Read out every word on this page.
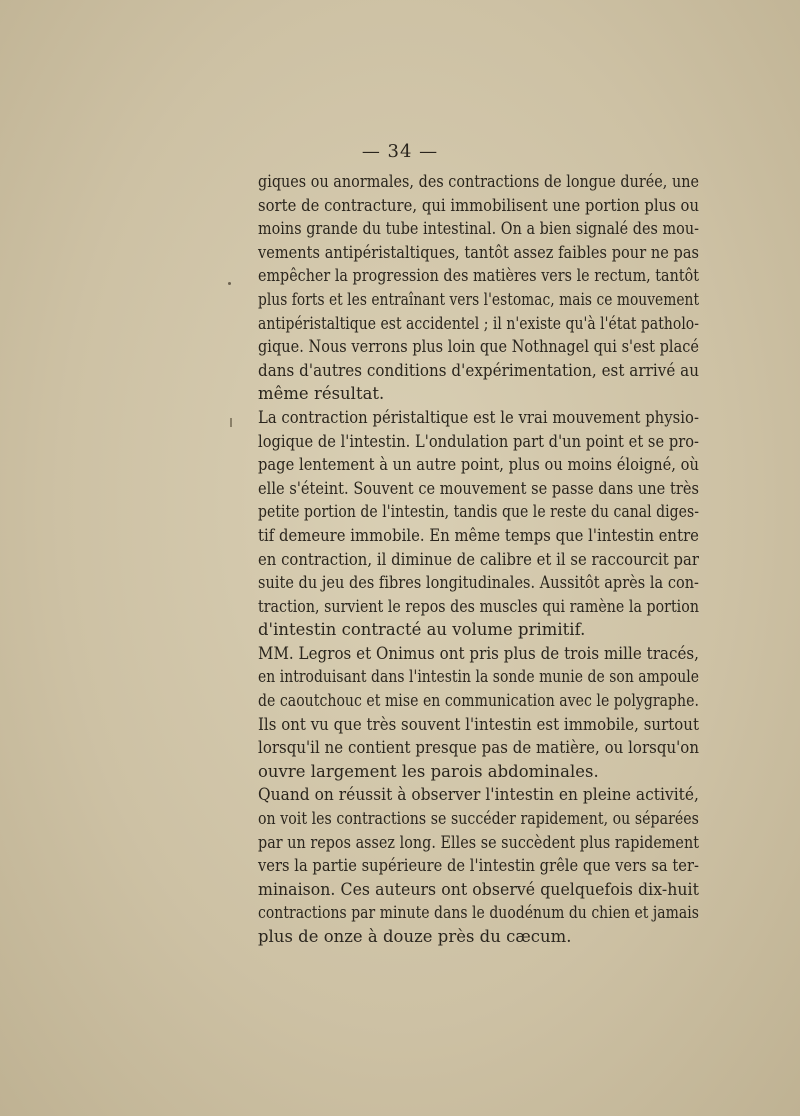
— 34 —
giques ou anormales, des contractions de longue durée, une
sorte de contracture, qui immobilisent une portion plus ou
moins grande du tube intestinal. On a bien signalé des mou-
vements antipéristaltiques, tantôt assez faibles pour ne pas
empêcher la progression des matières vers le rectum, tantôt
plus forts et les entraînant vers l'estomac, mais ce mouvement
antipéristaltique est accidentel ; il n'existe qu'à l'état patholo-
gique. Nous verrons plus loin que Nothnagel qui s'est placé
dans d'autres conditions d'expérimentation, est arrivé au
même résultat.
La contraction péristaltique est le vrai mouvement physio-
logique de l'intestin. L'ondulation part d'un point et se pro-
page lentement à un autre point, plus ou moins éloigné, où
elle s'éteint. Souvent ce mouvement se passe dans une très
petite portion de l'intestin, tandis que le reste du canal diges-
tif demeure immobile. En même temps que l'intestin entre
en contraction, il diminue de calibre et il se raccourcit par
suite du jeu des fibres longitudinales. Aussitôt après la con-
traction, survient le repos des muscles qui ramène la portion
d'intestin contracté au volume primitif.
MM. Legros et Onimus ont pris plus de trois mille tracés,
en introduisant dans l'intestin la sonde munie de son ampoule
de caoutchouc et mise en communication avec le polygraphe.
Ils ont vu que très souvent l'intestin est immobile, surtout
lorsqu'il ne contient presque pas de matière, ou lorsqu'on
ouvre largement les parois abdominales.
Quand on réussit à observer l'intestin en pleine activité,
on voit les contractions se succéder rapidement, ou séparées
par un repos assez long. Elles se succèdent plus rapidement
vers la partie supérieure de l'intestin grêle que vers sa ter-
minaison. Ces auteurs ont observé quelquefois dix-huit
contractions par minute dans le duodénum du chien et jamais
plus de onze à douze près du cæcum.
